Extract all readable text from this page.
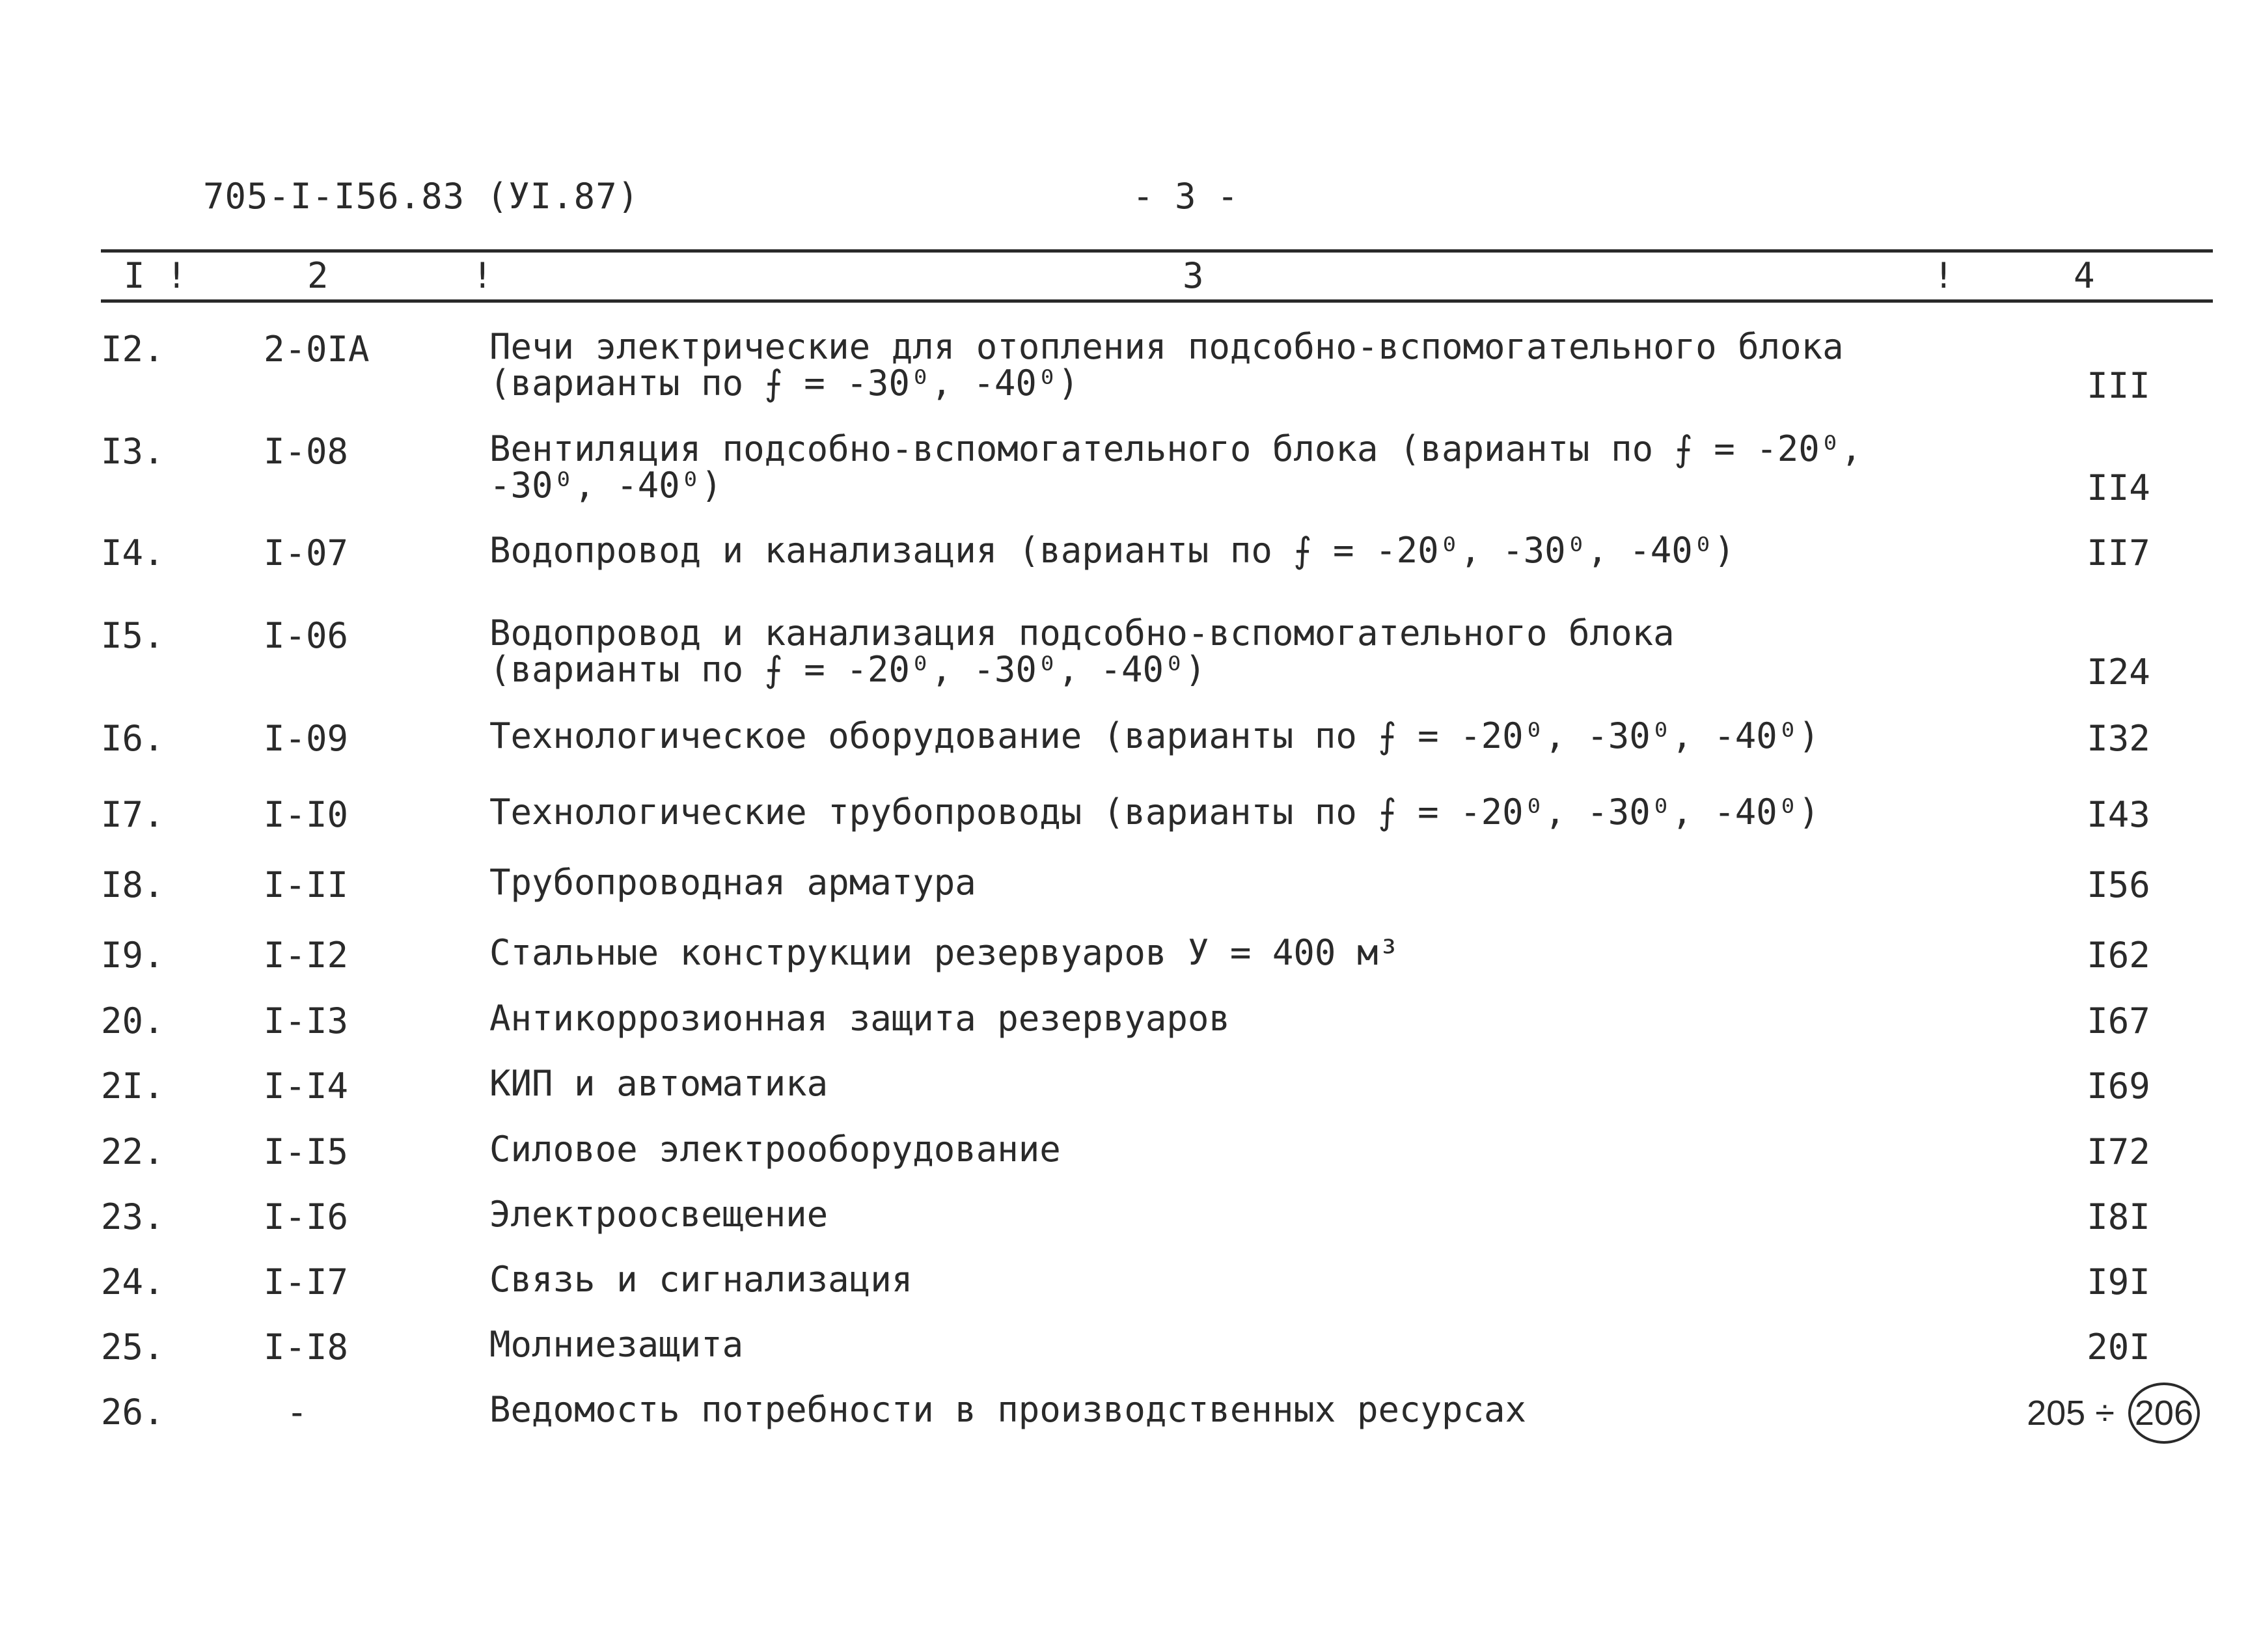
705-I-I56.83 (УI.87)	- 3 -
I !	2	!	3	!	4
I2.	2-0IA	Печи электрические для отопления подсобно-вспомогательного блока
(варианты по ⨍ = -30⁰, -40⁰)	III
I3.	I-08	Вентиляция подсобно-вспомогательного блока (варианты по ⨍ = -20⁰,
-30⁰, -40⁰)	II4
I4.	I-07	Водопровод и канализация (варианты по ⨍ = -20⁰, -30⁰, -40⁰)	II7
I5.	I-06	Водопровод и канализация подсобно-вспомогательного блока
(варианты по ⨍ = -20⁰, -30⁰, -40⁰)	I24
I6.	I-09	Технологическое оборудование (варианты по ⨍ = -20⁰, -30⁰, -40⁰)	I32
I7.	I-I0	Технологические трубопроводы (варианты по ⨍ = -20⁰, -30⁰, -40⁰)	I43
I8.	I-II	Трубопроводная арматура	I56
I9.	I-I2	Стальные конструкции резервуаров У = 400 м³	I62
20.	I-I3	Антикоррозионная защита резервуаров	I67
2I.	I-I4	КИП и автоматика	I69
22.	I-I5	Силовое электрооборудование	I72
23.	I-I6	Электроосвещение	I8I
24.	I-I7	Связь и сигнализация	I9I
25.	I-I8	Молниезащита	20I
26.	-	Ведомость потребности в производственных ресурсах	205 ÷ 206
